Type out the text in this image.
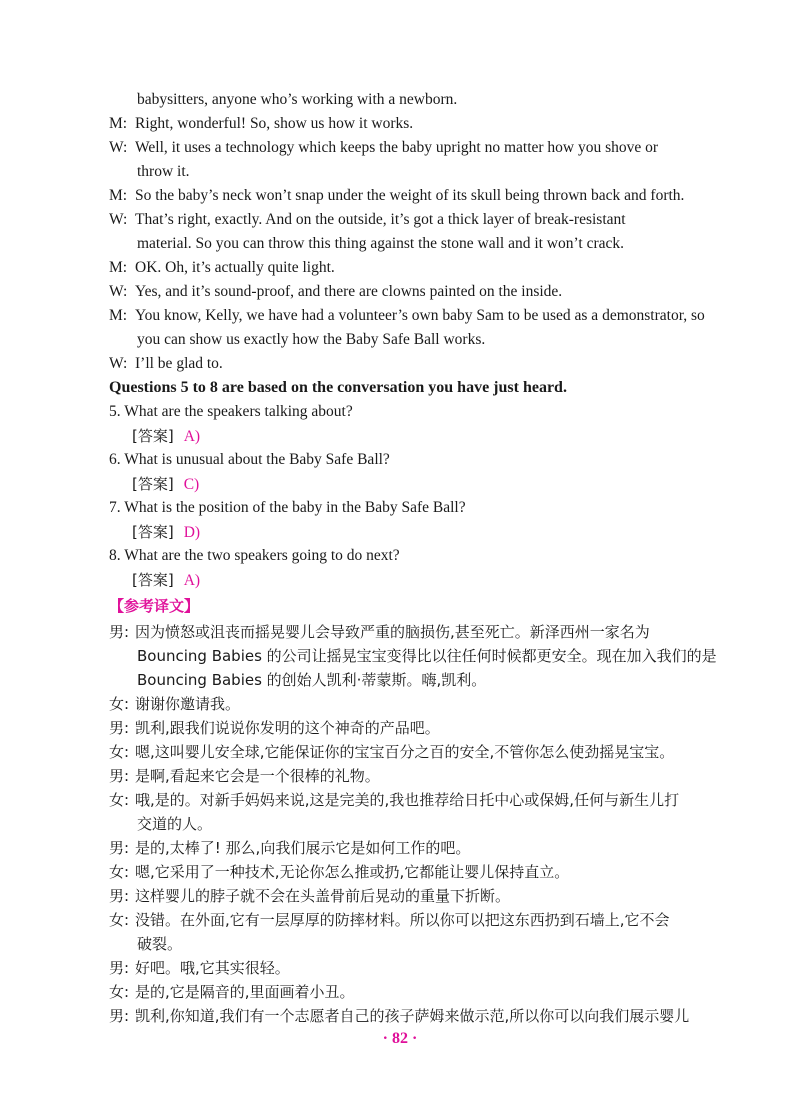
babysitters, anyone who’s working with a newborn.
M: Right, wonderful! So, show us how it works.
W: Well, it uses a technology which keeps the baby upright no matter how you shove or
throw it.
M: So the baby’s neck won’t snap under the weight of its skull being thrown back and forth.
W: That’s right, exactly. And on the outside, it’s got a thick layer of break-resistant
material. So you can throw this thing against the stone wall and it won’t crack.
M: OK. Oh, it’s actually quite light.
W: Yes, and it’s sound-proof, and there are clowns painted on the inside.
M: You know, Kelly, we have had a volunteer’s own baby Sam to be used as a demonstrator, so
you can show us exactly how the Baby Safe Ball works.
W: I’ll be glad to.
Questions 5 to 8 are based on the conversation you have just heard.
5. What are the speakers talking about?
[答案] A)
6. What is unusual about the Baby Safe Ball?
[答案] C)
7. What is the position of the baby in the Baby Safe Ball?
[答案] D)
8. What are the two speakers going to do next?
[答案] A)
【参考译文】
男: 因为愤怒或沮丧而摇晃婴儿会导致严重的脑损伤,甚至死亡。新泽西州一家名为
Bouncing Babies 的公司让摇晃宝宝变得比以往任何时候都更安全。现在加入我们的是
Bouncing Babies 的创始人凯利·蒂蒙斯。嗨,凯利。
女: 谢谢你邀请我。
男: 凯利,跟我们说说你发明的这个神奇的产品吧。
女: 嗯,这叫婴儿安全球,它能保证你的宝宝百分之百的安全,不管你怎么使劲摇晃宝宝。
男: 是啊,看起来它会是一个很棒的礼物。
女: 哦,是的。对新手妈妈来说,这是完美的,我也推荐给日托中心或保姆,任何与新生儿打
交道的人。
男: 是的,太棒了! 那么,向我们展示它是如何工作的吧。
女: 嗯,它采用了一种技术,无论你怎么推或扔,它都能让婴儿保持直立。
男: 这样婴儿的脖子就不会在头盖骨前后晃动的重量下折断。
女: 没错。在外面,它有一层厚厚的防摔材料。所以你可以把这东西扔到石墙上,它不会
破裂。
男: 好吧。哦,它其实很轻。
女: 是的,它是隔音的,里面画着小丑。
男: 凯利,你知道,我们有一个志愿者自己的孩子萨姆来做示范,所以你可以向我们展示婴儿
· 82 ·
